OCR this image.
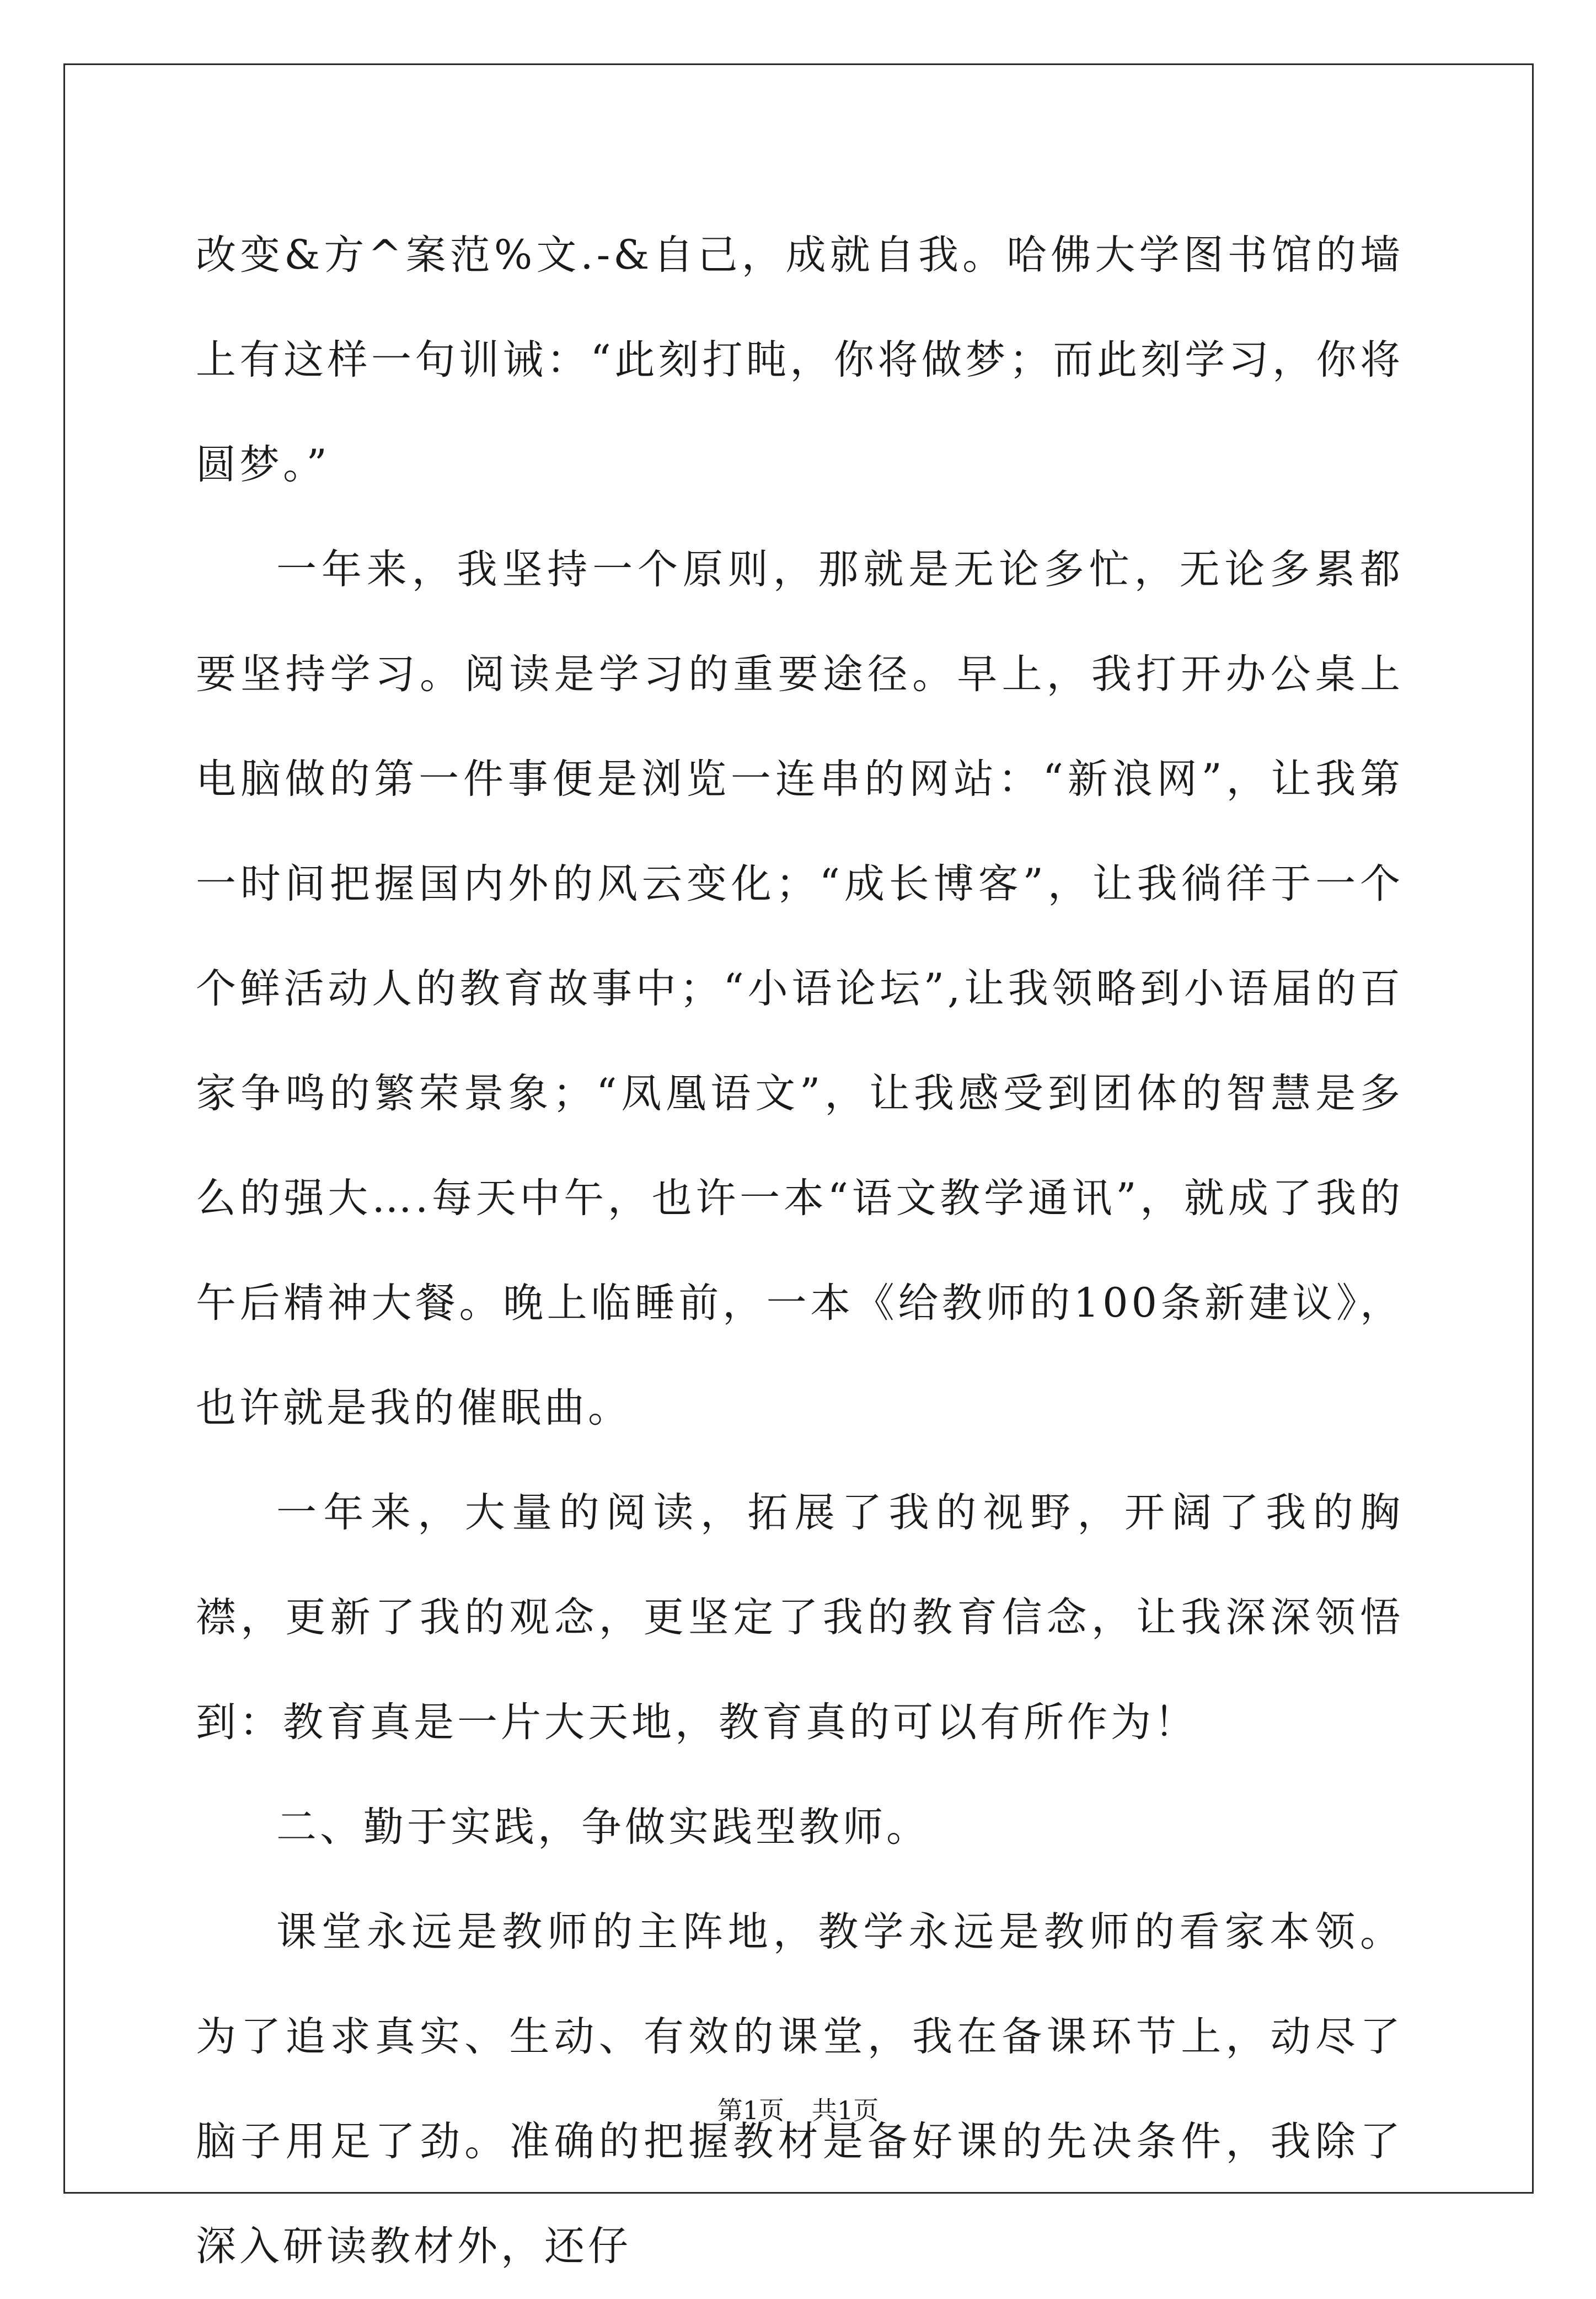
改变&方^案范%文.-&自己，成就自我。哈佛大学图书馆的墙上有这样一句训诫：“此刻打盹，你将做梦；而此刻学习，你将圆梦。”

一年来，我坚持一个原则，那就是无论多忙，无论多累都要坚持学习。阅读是学习的重要途径。早上，我打开办公桌上电脑做的第一件事便是浏览一连串的网站：“新浪网”，让我第一时间把握国内外的风云变化；“成长博客”，让我徜徉于一个个鲜活动人的教育故事中；“小语论坛”,让我领略到小语届的百家争鸣的繁荣景象；“凤凰语文”，让我感受到团体的智慧是多么的强大….每天中午，也许一本“语文教学通讯”，就成了我的午后精神大餐。晚上临睡前，一本《给教师的100条新建议》，也许就是我的催眠曲。

一年来，大量的阅读，拓展了我的视野，开阔了我的胸襟，更新了我的观念，更坚定了我的教育信念，让我深深领悟到：教育真是一片大天地，教育真的可以有所作为！

二、勤于实践，争做实践型教师。

课堂永远是教师的主阵地，教学永远是教师的看家本领。为了追求真实、生动、有效的课堂，我在备课环节上，动尽了脑子用足了劲。准确的把握教材是备好课的先决条件，我除了深入研读教材外，还仔

第1页 共1页
